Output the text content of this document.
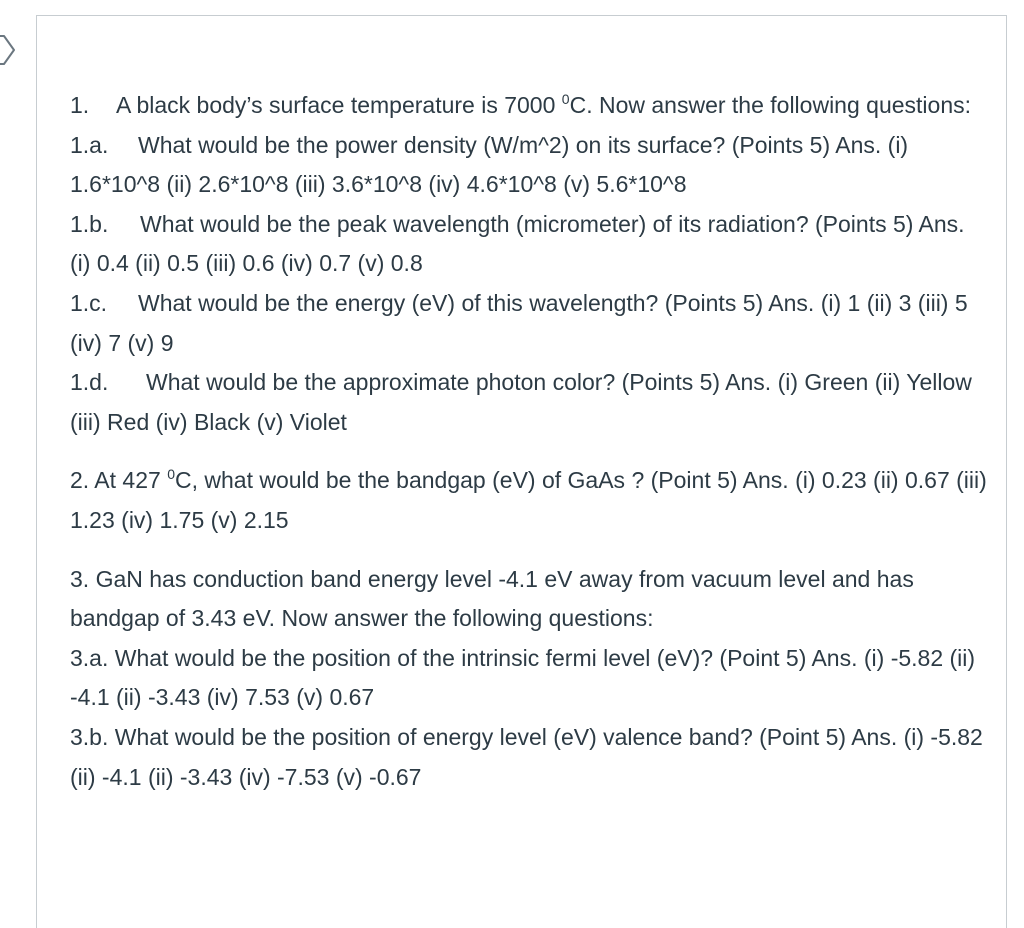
1. A black body’s surface temperature is 7000 $^0$C. Now answer the following questions:

1.a. What would be the power density (W/m^2) on its surface? (Points 5) Ans. (i) 1.6*10^8 (ii) 2.6*10^8 (iii) 3.6*10^8 (iv) 4.6*10^8 (v) 5.6*10^8

1.b. What would be the peak wavelength (micrometer) of its radiation? (Points 5) Ans. (i) 0.4 (ii) 0.5 (iii) 0.6 (iv) 0.7 (v) 0.8

1.c. What would be the energy (eV) of this wavelength? (Points 5) Ans. (i) 1 (ii) 3 (iii) 5 (iv) 7 (v) 9

1.d. What would be the approximate photon color? (Points 5) Ans. (i) Green (ii) Yellow (iii) Red (iv) Black (v) Violet

2. At 427 $^0$C, what would be the bandgap (eV) of GaAs ? (Point 5) Ans. (i) 0.23 (ii) 0.67 (iii) 1.23 (iv) 1.75 (v) 2.15

3. GaN has conduction band energy level -4.1 eV away from vacuum level and has bandgap of 3.43 eV. Now answer the following questions:

3.a. What would be the position of the intrinsic fermi level (eV)? (Point 5) Ans. (i) -5.82 (ii) -4.1 (ii) -3.43 (iv) 7.53 (v) 0.67

3.b. What would be the position of energy level (eV) valence band? (Point 5) Ans. (i) -5.82 (ii) -4.1 (ii) -3.43 (iv) -7.53 (v) -0.67
